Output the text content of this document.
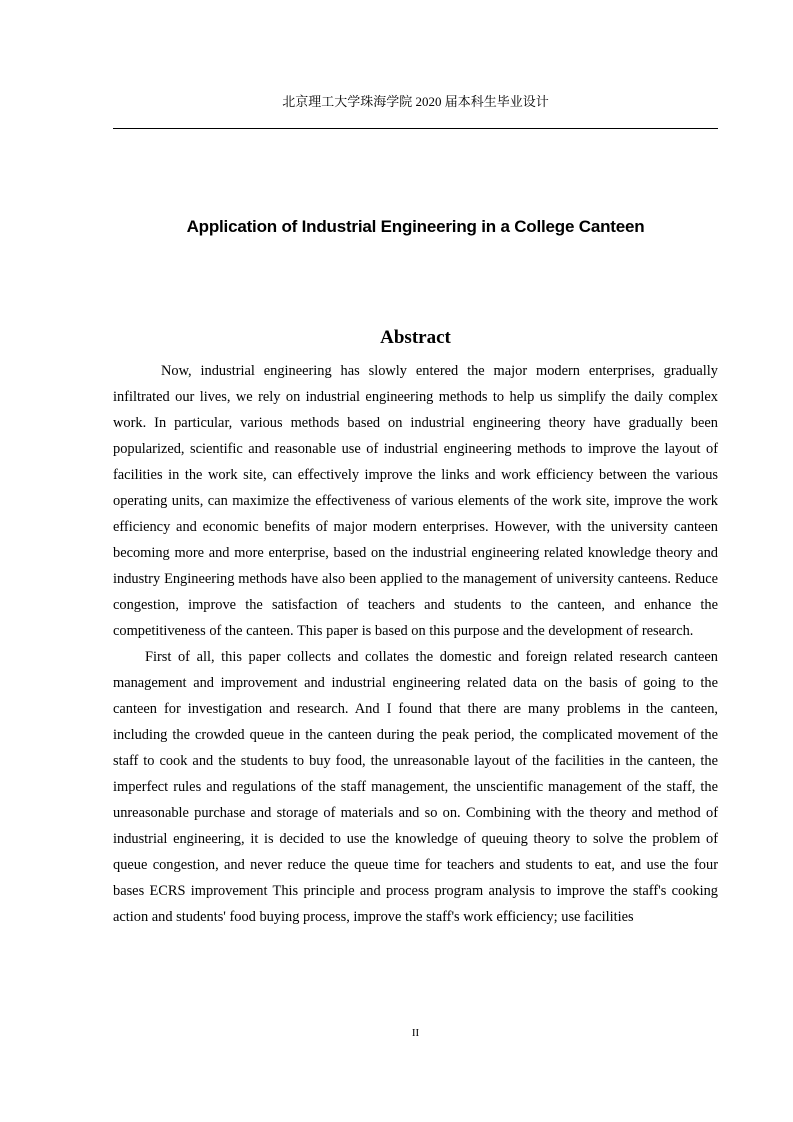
北京理工大学珠海学院 2020 届本科生毕业设计
Application of Industrial Engineering in a College Canteen
Abstract

Now, industrial engineering has slowly entered the major modern enterprises, gradually infiltrated our lives, we rely on industrial engineering methods to help us simplify the daily complex work. In particular, various methods based on industrial engineering theory have gradually been popularized, scientific and reasonable use of industrial engineering methods to improve the layout of facilities in the work site, can effectively improve the links and work efficiency between the various operating units, can maximize the effectiveness of various elements of the work site, improve the work efficiency and economic benefits of major modern enterprises. However, with the university canteen becoming more and more enterprise, based on the industrial engineering related knowledge theory and industry Engineering methods have also been applied to the management of university canteens. Reduce congestion, improve the satisfaction of teachers and students to the canteen, and enhance the competitiveness of the canteen. This paper is based on this purpose and the development of research.

First of all, this paper collects and collates the domestic and foreign related research canteen management and improvement and industrial engineering related data on the basis of going to the canteen for investigation and research. And I found that there are many problems in the canteen, including the crowded queue in the canteen during the peak period, the complicated movement of the staff to cook and the students to buy food, the unreasonable layout of the facilities in the canteen, the imperfect rules and regulations of the staff management, the unscientific management of the staff, the unreasonable purchase and storage of materials and so on. Combining with the theory and method of industrial engineering, it is decided to use the knowledge of queuing theory to solve the problem of queue congestion, and never reduce the queue time for teachers and students to eat, and use the four bases ECRS improvement This principle and process program analysis to improve the staff's cooking action and students' food buying process, improve the staff's work efficiency; use facilities

II
